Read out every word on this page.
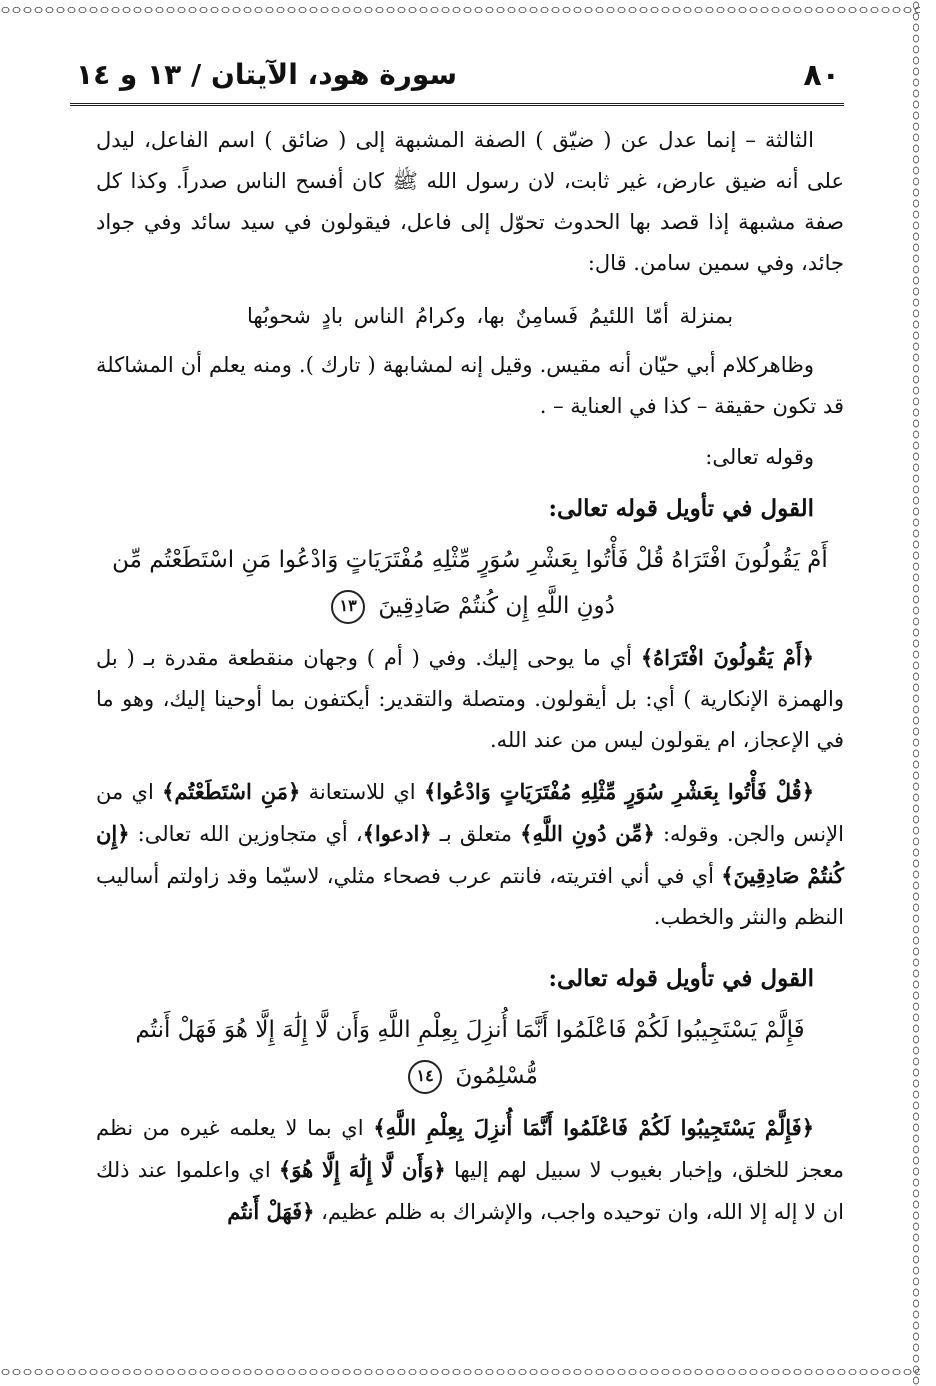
٨٠
سورة هود، الآيتان / ١٣ و ١٤

الثالثة – إنما عدل عن ( ضيّق ) الصفة المشبهة إلى ( ضائق ) اسم الفاعل، ليدل على أنه ضيق عارض، غير ثابت، لان رسول الله ﷺ كان أفسح الناس صدراً. وكذا كل صفة مشبهة إذا قصد بها الحدوث تحوّل إلى فاعل، فيقولون في سيد سائد وفي جواد جائد، وفي سمين سامن. قال:

بمنزلة أمّا اللئيمُ فَسامِنٌ بها، وكرامُ الناس بادٍ شحوبُها

وظاهركلام أبي حيّان أنه مقيس. وقيل إنه لمشابهة ( تارك ). ومنه يعلم أن المشاكلة قد تكون حقيقة – كذا في العناية – .

وقوله تعالى:

القول في تأويل قوله تعالى:

أَمْ يَقُولُونَ افْتَرَاهُ قُلْ فَأْتُوا بِعَشْرِ سُوَرٍ مِّثْلِهِ مُفْتَرَيَاتٍ وَادْعُوا مَنِ اسْتَطَعْتُم مِّن دُونِ اللَّهِ إِن كُنتُمْ صَادِقِينَ ١٣

﴿أَمْ يَقُولُونَ افْتَرَاهُ﴾ أي ما يوحى إليك. وفي ( أم ) وجهان منقطعة مقدرة بـ ( بل والهمزة الإنكارية ) أي: بل أيقولون. ومتصلة والتقدير: أيكتفون بما أوحينا إليك، وهو ما في الإعجاز، ام يقولون ليس من عند الله.

﴿قُلْ فَأْتُوا بِعَشْرِ سُوَرٍ مِّثْلِهِ مُفْتَرَيَاتٍ وَادْعُوا﴾ اي للاستعانة ﴿مَنِ اسْتَطَعْتُم﴾ اي من الإنس والجن. وقوله: ﴿مِّن دُونِ اللَّهِ﴾ متعلق بـ ﴿ادعوا﴾، أي متجاوزين الله تعالى: ﴿إِن كُنتُمْ صَادِقِينَ﴾ أي في أني افتريته، فانتم عرب فصحاء مثلي، لاسيّما وقد زاولتم أساليب النظم والنثر والخطب.

القول في تأويل قوله تعالى:

فَإِلَّمْ يَسْتَجِيبُوا لَكُمْ فَاعْلَمُوا أَنَّمَا أُنزِلَ بِعِلْمِ اللَّهِ وَأَن لَّا إِلَٰهَ إِلَّا هُوَ فَهَلْ أَنتُم مُّسْلِمُونَ ١٤

﴿فَإِلَّمْ يَسْتَجِيبُوا لَكُمْ فَاعْلَمُوا أَنَّمَا أُنزِلَ بِعِلْمِ اللَّهِ﴾ اي بما لا يعلمه غيره من نظم معجز للخلق، وإخبار بغيوب لا سبيل لهم إليها ﴿وَأَن لَّا إِلَٰهَ إِلَّا هُوَ﴾ اي واعلموا عند ذلك ان لا إله إلا الله، وان توحيده واجب، والإشراك به ظلم عظيم، ﴿فَهَلْ أَنتُم
